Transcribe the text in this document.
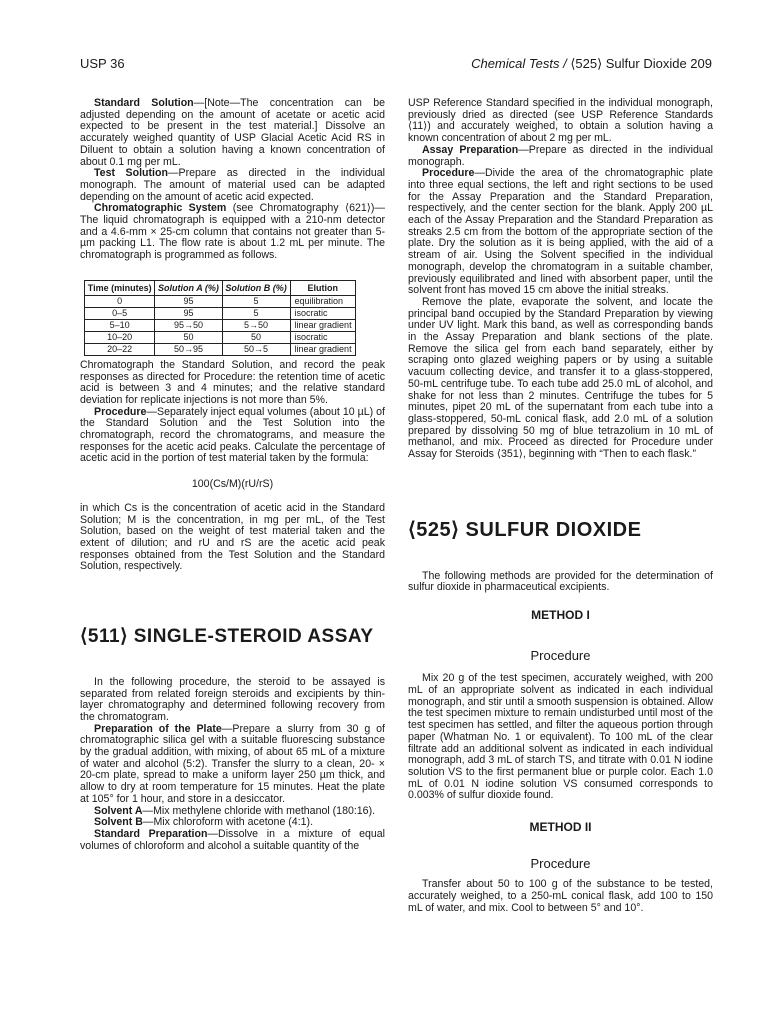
USP 36	Chemical Tests / ⟨525⟩ Sulfur Dioxide 209

Standard Solution—[Note—The concentration can be adjusted depending on the amount of acetate or acetic acid expected to be present in the test material.] Dissolve an accurately weighed quantity of USP Glacial Acetic Acid RS in Diluent to obtain a solution having a known concentration of about 0.1 mg per mL.

Test Solution—Prepare as directed in the individual monograph. The amount of material used can be adapted depending on the amount of acetic acid expected.

Chromatographic System (see Chromatography ⟨621⟩)—The liquid chromatograph is equipped with a 210-nm detector and a 4.6-mm × 25-cm column that contains not greater than 5-µm packing L1. The flow rate is about 1.2 mL per minute. The chromatograph is programmed as follows.

Time (minutes)	Solution A (%)	Solution B (%)	Elution
0	95	5	equilibration
0–5	95	5	isocratic
5–10	95→50	5→50	linear gradient
10–20	50	50	isocratic
20–22	50→95	50→5	linear gradient

Chromatograph the Standard Solution, and record the peak responses as directed for Procedure: the retention time of acetic acid is between 3 and 4 minutes; and the relative standard deviation for replicate injections is not more than 5%.

Procedure—Separately inject equal volumes (about 10 µL) of the Standard Solution and the Test Solution into the chromatograph, record the chromatograms, and measure the responses for the acetic acid peaks. Calculate the percentage of acetic acid in the portion of test material taken by the formula:

100(Cs/M)(rU/rS)

in which Cs is the concentration of acetic acid in the Standard Solution; M is the concentration, in mg per mL, of the Test Solution, based on the weight of test material taken and the extent of dilution; and rU and rS are the acetic acid peak responses obtained from the Test Solution and the Standard Solution, respectively.

⟨511⟩ SINGLE-STEROID ASSAY

In the following procedure, the steroid to be assayed is separated from related foreign steroids and excipients by thin-layer chromatography and determined following recovery from the chromatogram.

Preparation of the Plate—Prepare a slurry from 30 g of chromatographic silica gel with a suitable fluorescing substance by the gradual addition, with mixing, of about 65 mL of a mixture of water and alcohol (5:2). Transfer the slurry to a clean, 20- × 20-cm plate, spread to make a uniform layer 250 µm thick, and allow to dry at room temperature for 15 minutes. Heat the plate at 105° for 1 hour, and store in a desiccator.

Solvent A—Mix methylene chloride with methanol (180:16).

Solvent B—Mix chloroform with acetone (4:1).

Standard Preparation—Dissolve in a mixture of equal volumes of chloroform and alcohol a suitable quantity of the

USP Reference Standard specified in the individual monograph, previously dried as directed (see USP Reference Standards ⟨11⟩) and accurately weighed, to obtain a solution having a known concentration of about 2 mg per mL.

Assay Preparation—Prepare as directed in the individual monograph.

Procedure—Divide the area of the chromatographic plate into three equal sections, the left and right sections to be used for the Assay Preparation and the Standard Preparation, respectively, and the center section for the blank. Apply 200 µL each of the Assay Preparation and the Standard Preparation as streaks 2.5 cm from the bottom of the appropriate section of the plate. Dry the solution as it is being applied, with the aid of a stream of air. Using the Solvent specified in the individual monograph, develop the chromatogram in a suitable chamber, previously equilibrated and lined with absorbent paper, until the solvent front has moved 15 cm above the initial streaks.

Remove the plate, evaporate the solvent, and locate the principal band occupied by the Standard Preparation by viewing under UV light. Mark this band, as well as corresponding bands in the Assay Preparation and blank sections of the plate. Remove the silica gel from each band separately, either by scraping onto glazed weighing papers or by using a suitable vacuum collecting device, and transfer it to a glass-stoppered, 50-mL centrifuge tube. To each tube add 25.0 mL of alcohol, and shake for not less than 2 minutes. Centrifuge the tubes for 5 minutes, pipet 20 mL of the supernatant from each tube into a glass-stoppered, 50-mL conical flask, add 2.0 mL of a solution prepared by dissolving 50 mg of blue tetrazolium in 10 mL of methanol, and mix. Proceed as directed for Procedure under Assay for Steroids ⟨351⟩, beginning with “Then to each flask.”

⟨525⟩ SULFUR DIOXIDE

The following methods are provided for the determination of sulfur dioxide in pharmaceutical excipients.

METHOD I
Procedure

Mix 20 g of the test specimen, accurately weighed, with 200 mL of an appropriate solvent as indicated in each individual monograph, and stir until a smooth suspension is obtained. Allow the test specimen mixture to remain undisturbed until most of the test specimen has settled, and filter the aqueous portion through paper (Whatman No. 1 or equivalent). To 100 mL of the clear filtrate add an additional solvent as indicated in each individual monograph, add 3 mL of starch TS, and titrate with 0.01 N iodine solution VS to the first permanent blue or purple color. Each 1.0 mL of 0.01 N iodine solution VS consumed corresponds to 0.003% of sulfur dioxide found.

METHOD II
Procedure

Transfer about 50 to 100 g of the substance to be tested, accurately weighed, to a 250-mL conical flask, add 100 to 150 mL of water, and mix. Cool to between 5° and 10°.
